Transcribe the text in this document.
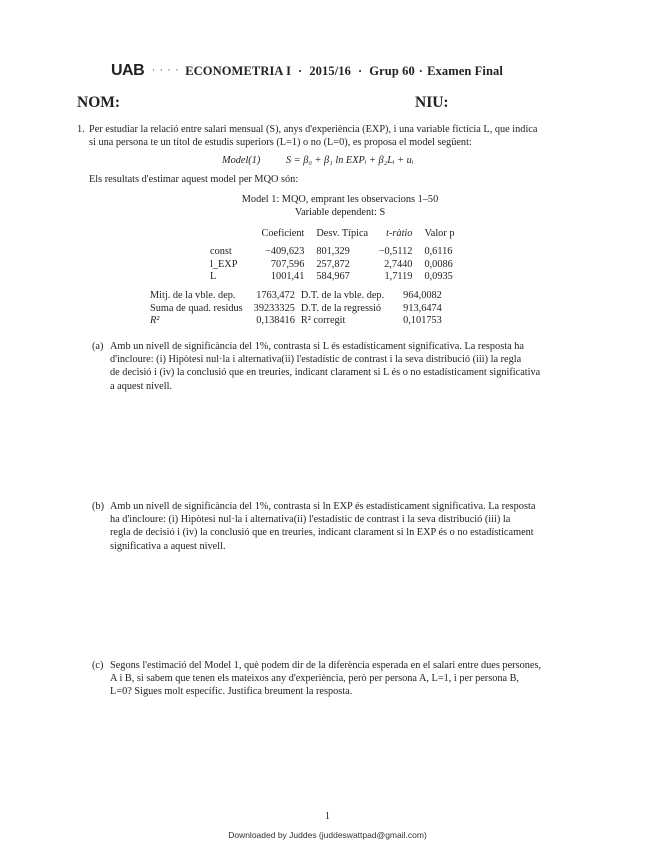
UAB · · · · ECONOMETRIA I · 2015/16 · Grup 60 · Examen Final
NOM:	NIU:
1. Per estudiar la relació entre salari mensual (S), anys d'experiència (EXP), i una variable fictícia L, que indica
si una persona te un títol de estudis superiors (L=1) o no (L=0), es proposa el model següent:
Model(1) S = β₀ + β₁ ln EXPᵢ + β₂Lᵢ + uᵢ
Els resultats d'estimar aquest model per MQO són:
Model 1: MQO, emprant les observacions 1–50
Variable dependent: S
	Coeficient	Desv. Típica	t-ràtio	Valor p
const	−409,623	801,329	−0,5112	0,6116
l_EXP	707,596	257,872	2,7440	0,0086
L	1001,41	584,967	1,7119	0,0935
Mitj. de la vble. dep.	1763,472	D.T. de la vble. dep.	964,0082
Suma de quad. residus	39233325	D.T. de la regressió	913,6474
R²	0,138416	R² corregit	0,101753
(a) Amb un nivell de significància del 1%, contrasta si L és estadísticament significativa. La resposta ha
d'incloure: (i) Hipòtesi nul·la i alternativa(ii) l'estadístic de contrast i la seva distribució (iii) la regla
de decisió i (iv) la conclusió que en treuries, indicant clarament si L és o no estadísticament significativa
a aquest nivell.
(b) Amb un nivell de significància del 1%, contrasta si ln EXP és estadísticament significativa. La resposta
ha d'incloure: (i) Hipòtesi nul·la i alternativa(ii) l'estadístic de contrast i la seva distribució (iii) la
regla de decisió i (iv) la conclusió que en treuries, indicant clarament si ln EXP és o no estadísticament
significativa a aquest nivell.
(c) Segons l'estimació del Model 1, què podem dir de la diferència esperada en el salari entre dues persones,
A i B, si sabem que tenen els mateixos any d'experiència, però per persona A, L=1, i per persona B,
L=0? Sigues molt específic. Justifica breument la resposta.
1
Downloaded by Juddes (juddeswattpad@gmail.com)
